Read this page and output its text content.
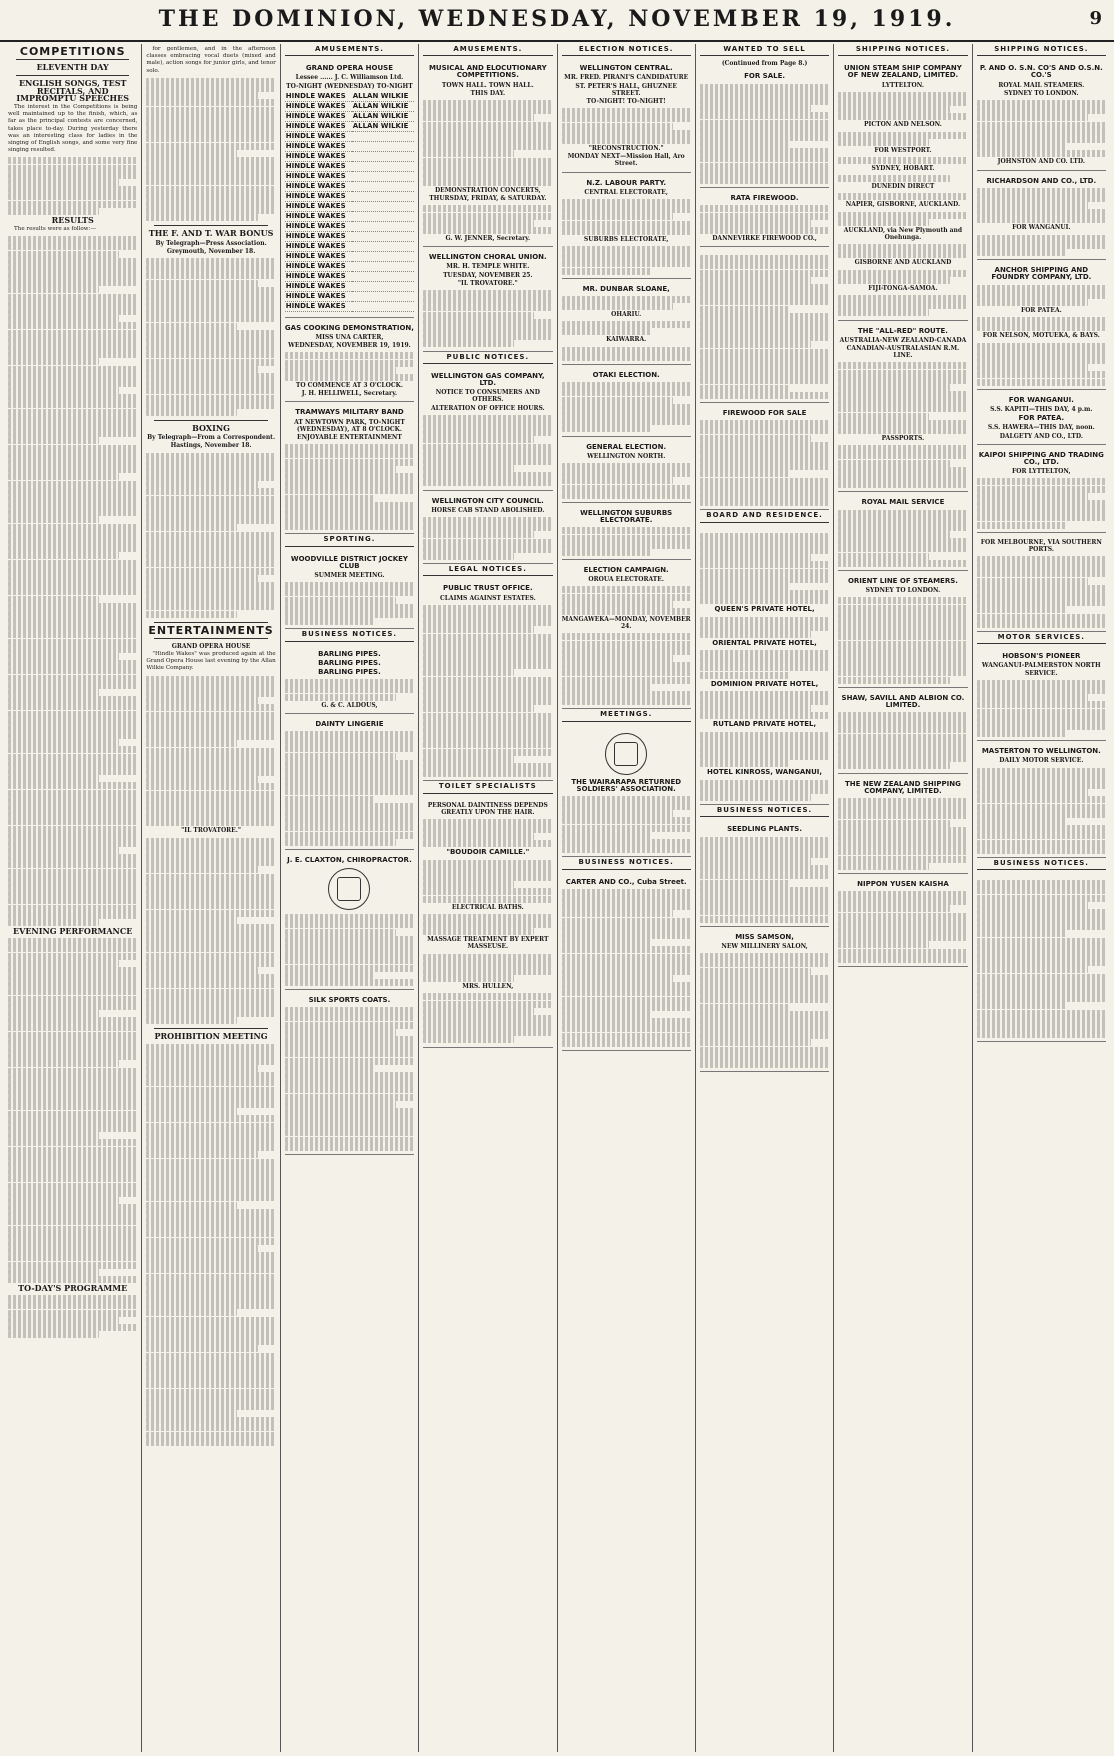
THE DOMINION, WEDNESDAY, NOVEMBER 19, 1919.	9
COMPETITIONS
ELEVENTH DAY
ENGLISH SONGS, TEST RECITALS, AND IMPROMPTU SPEECHES

The interest in the Competitions is being well maintained up to the finish, which, as far as the principal contests are concerned, takes place to-day. During yesterday there was an interesting class for ladies in the singing of English songs, and some very fine singing resulted.

RESULTS

The results were as follow:—

EVENING PERFORMANCE
TO-DAY'S PROGRAMME

for gentlemen, and in the afternoon classes embracing vocal duets (mixed and male), action songs for junior girls, and tenor solo.

THE F. AND T. WAR BONUS
By Telegraph—Press Association.
Greymouth, November 18.
BOXING
By Telegraph—From a Correspondent.
Hastings, November 18.
ENTERTAINMENTS
GRAND OPERA HOUSE

"Hindle Wakes" was produced again at the Grand Opera House last evening by the Allan Wilkie Company.

"IL TROVATORE."
PROHIBITION MEETING
AMUSEMENTS.
GRAND OPERA HOUSE
Lessee ...... J. C. Williamson Ltd.
TO-NIGHT (WEDNESDAY) TO-NIGHT
HINDLE WAKES	ALLAN WILKIE
HINDLE WAKES	ALLAN WILKIE
HINDLE WAKES	ALLAN WILKIE
HINDLE WAKES	ALLAN WILKIE
HINDLE WAKES	
HINDLE WAKES	
HINDLE WAKES	
HINDLE WAKES	
HINDLE WAKES	
HINDLE WAKES	
HINDLE WAKES	
HINDLE WAKES	
HINDLE WAKES	
HINDLE WAKES	
HINDLE WAKES	
HINDLE WAKES	
HINDLE WAKES	
HINDLE WAKES	
HINDLE WAKES	
HINDLE WAKES	
HINDLE WAKES	
HINDLE WAKES	
GAS COOKING DEMONSTRATION,
MISS UNA CARTER,
WEDNESDAY, NOVEMBER 19, 1919.
TO COMMENCE AT 3 O'CLOCK.
J. H. HELLIWELL, Secretary.
TRAMWAYS MILITARY BAND
AT NEWTOWN PARK, TO-NIGHT (WEDNESDAY), AT 8 O'CLOCK.
ENJOYABLE ENTERTAINMENT
SPORTING.
WOODVILLE DISTRICT JOCKEY CLUB
SUMMER MEETING.
BUSINESS NOTICES.
BARLING PIPES.
BARLING PIPES.
BARLING PIPES.
G. & C. ALDOUS,
DAINTY LINGERIE
J. E. CLAXTON, CHIROPRACTOR.
SILK SPORTS COATS.
AMUSEMENTS.
MUSICAL AND ELOCUTIONARY COMPETITIONS.
TOWN HALL. TOWN HALL.
THIS DAY.
DEMONSTRATION CONCERTS,
THURSDAY, FRIDAY, & SATURDAY.
G. W. JENNER, Secretary.
WELLINGTON CHORAL UNION.
MR. H. TEMPLE WHITE.
TUESDAY, NOVEMBER 25.
"IL TROVATORE."
PUBLIC NOTICES.
WELLINGTON GAS COMPANY, LTD.
NOTICE TO CONSUMERS AND OTHERS.
ALTERATION OF OFFICE HOURS.
WELLINGTON CITY COUNCIL.
HORSE CAB STAND ABOLISHED.
LEGAL NOTICES.
PUBLIC TRUST OFFICE.
CLAIMS AGAINST ESTATES.
TOILET SPECIALISTS
PERSONAL DAINTINESS DEPENDS GREATLY UPON THE HAIR.
"BOUDOIR CAMILLE."
ELECTRICAL BATHS.
MASSAGE TREATMENT BY EXPERT MASSEUSE.
MRS. HULLEN,
ELECTION NOTICES.
WELLINGTON CENTRAL.
MR. FRED. PIRANI'S CANDIDATURE
ST. PETER'S HALL, GHUZNEE STREET.
TO-NIGHT! TO-NIGHT!
"RECONSTRUCTION."
MONDAY NEXT—Mission Hall, Aro Street.
N.Z. LABOUR PARTY.
CENTRAL ELECTORATE,
SUBURBS ELECTORATE,
MR. DUNBAR SLOANE,
OHARIU.
KAIWARRA.
OTAKI ELECTION.
GENERAL ELECTION.
WELLINGTON NORTH.
WELLINGTON SUBURBS ELECTORATE.
ELECTION CAMPAIGN.
OROUA ELECTORATE.
MANGAWEKA—MONDAY, NOVEMBER 24.
MEETINGS.
THE WAIRARAPA RETURNED SOLDIERS' ASSOCIATION.
BUSINESS NOTICES.
CARTER AND CO., Cuba Street.
WANTED TO SELL
(Continued from Page 8.)
FOR SALE.
RATA FIREWOOD.
DANNEVIRKE FIREWOOD CO.,
FIREWOOD FOR SALE
BOARD AND RESIDENCE.
QUEEN'S PRIVATE HOTEL,
ORIENTAL PRIVATE HOTEL,
DOMINION PRIVATE HOTEL,
RUTLAND PRIVATE HOTEL,
HOTEL KINROSS, WANGANUI,
BUSINESS NOTICES.
SEEDLING PLANTS.
MISS SAMSON,
NEW MILLINERY SALON,
SHIPPING NOTICES.
UNION STEAM SHIP COMPANY OF NEW ZEALAND, LIMITED.
LYTTELTON.
PICTON AND NELSON.
FOR WESTPORT.
SYDNEY, HOBART.
DUNEDIN DIRECT
NAPIER, GISBORNE, AUCKLAND.
AUCKLAND, via New Plymouth and Onehunga.
GISBORNE AND AUCKLAND
FIJI-TONGA-SAMOA.
THE "ALL-RED" ROUTE.
AUSTRALIA-NEW ZEALAND-CANADA
CANADIAN-AUSTRALASIAN R.M. LINE.
PASSPORTS.
ROYAL MAIL SERVICE
ORIENT LINE OF STEAMERS.
SYDNEY TO LONDON.
SHAW, SAVILL AND ALBION CO. LIMITED.
THE NEW ZEALAND SHIPPING COMPANY, LIMITED.
NIPPON YUSEN KAISHA
SHIPPING NOTICES.
P. AND O. S.N. CO'S AND O.S.N. CO.'S
ROYAL MAIL STEAMERS.
SYDNEY TO LONDON.
JOHNSTON AND CO. LTD.
RICHARDSON AND CO., LTD.
FOR WANGANUI.
ANCHOR SHIPPING AND FOUNDRY COMPANY, LTD.
FOR PATEA.
FOR NELSON, MOTUEKA, & BAYS.
FOR WANGANUI.
S.S. KAPITI—THIS DAY, 4 p.m.
FOR PATEA.
S.S. HAWERA—THIS DAY, noon.
DALGETY AND CO., LTD.
KAIPOI SHIPPING AND TRADING CO., LTD.
FOR LYTTELTON,
FOR MELBOURNE, VIA SOUTHERN PORTS.
MOTOR SERVICES.
HOBSON'S PIONEER
WANGANUI-PALMERSTON NORTH SERVICE.
MASTERTON TO WELLINGTON.
DAILY MOTOR SERVICE.
BUSINESS NOTICES.
